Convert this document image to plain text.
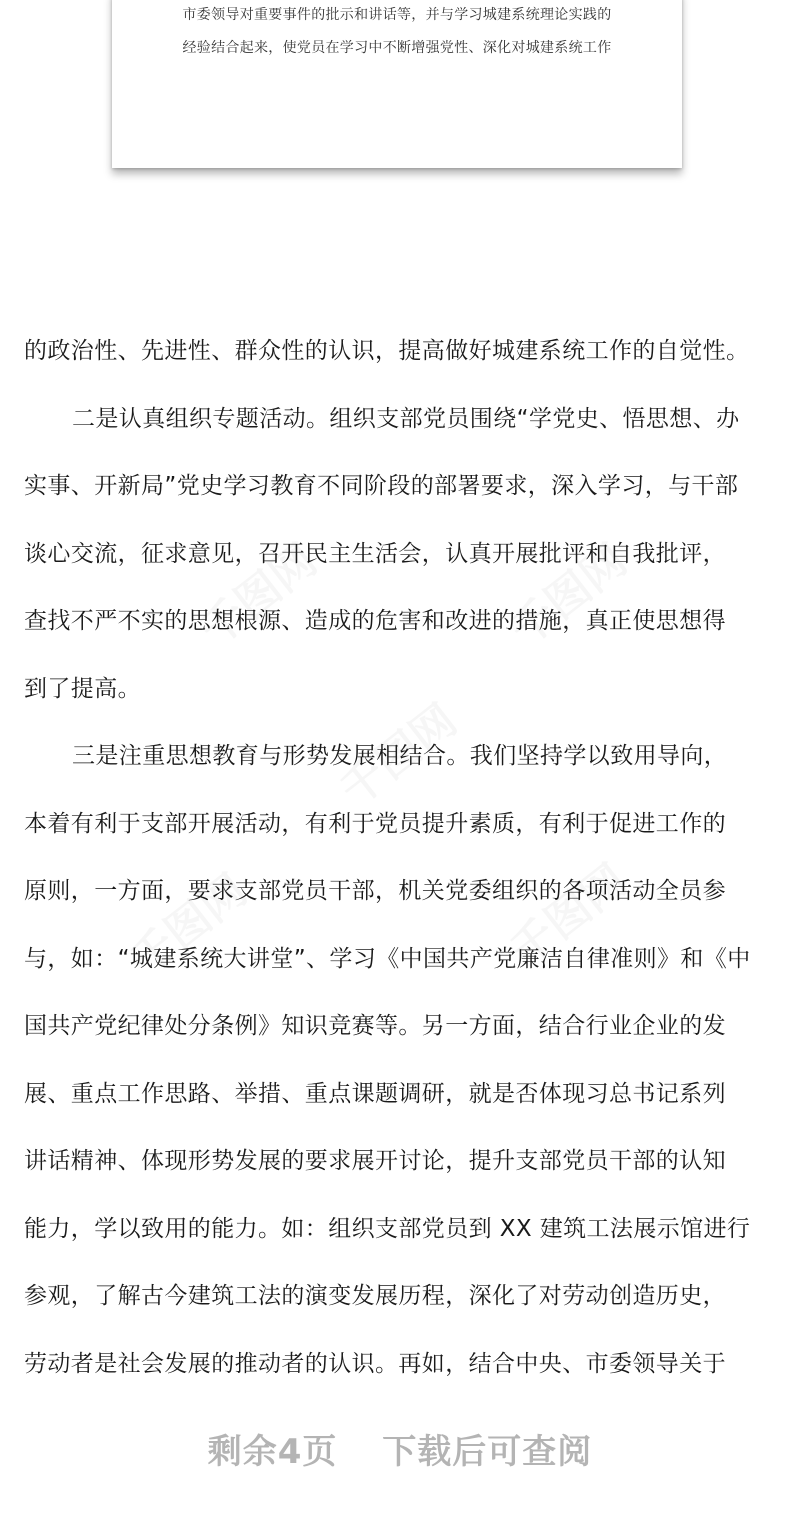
市委领导对重要事件的批示和讲话等，并与学习城建系统理论实践的
经验结合起来，使党员在学习中不断增强党性、深化对城建系统工作
的政治性、先进性、群众性的认识，提高做好城建系统工作的自觉性。
二是认真组织专题活动。组织支部党员围绕“学党史、悟思想、办
实事、开新局”党史学习教育不同阶段的部署要求，深入学习，与干部
谈心交流，征求意见，召开民主生活会，认真开展批评和自我批评，
查找不严不实的思想根源、造成的危害和改进的措施，真正使思想得
到了提高。
三是注重思想教育与形势发展相结合。我们坚持学以致用导向，
本着有利于支部开展活动，有利于党员提升素质，有利于促进工作的
原则，一方面，要求支部党员干部，机关党委组织的各项活动全员参
与，如：“城建系统大讲堂”、学习《中国共产党廉洁自律准则》和《中
国共产党纪律处分条例》知识竞赛等。另一方面，结合行业企业的发
展、重点工作思路、举措、重点课题调研，就是否体现习总书记系列
讲话精神、体现形势发展的要求展开讨论，提升支部党员干部的认知
能力，学以致用的能力。如：组织支部党员到 XX 建筑工法展示馆进行
参观，了解古今建筑工法的演变发展历程，深化了对劳动创造历史，
劳动者是社会发展的推动者的认识。再如，结合中央、市委领导关于
剩余4页 下载后可查阅
